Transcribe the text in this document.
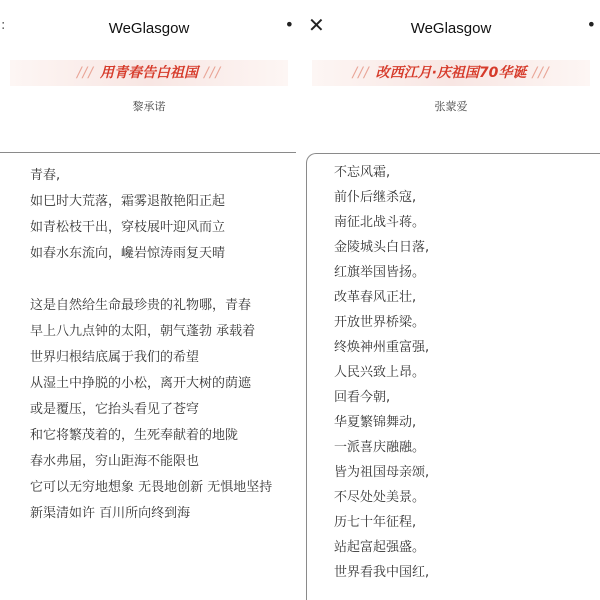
:	WeGlasgow	•
/// 用青春告白祖国 ///
黎承诺
青春,
如巳时大荒落，霜雾退散艳阳正起
如青松枝干出，穿枝展叶迎风而立
如春水东流向，巉岩惊涛雨复天晴
这是自然给生命最珍贵的礼物哪，青春
早上八九点钟的太阳，朝气蓬勃 承载着
世界归根结底属于我们的希望
从湿土中挣脱的小松，离开大树的荫遮
或是覆压，它抬头看见了苍穹
和它将繁茂着的，生死奉献着的地陇
春水弗届，穷山距海不能限也
它可以无穷地想象 无畏地创新 无惧地坚持
新渠清如许 百川所向终到海
✕	WeGlasgow	•
/// 改西江月·庆祖国70华诞 ///
张蒙爱
不忘风霜,
前仆后继杀寇,
南征北战斗蒋。
金陵城头白日落,
红旗举国皆扬。
改革春风正壮,
开放世界桥梁。
终焕神州重富强,
人民兴致上昂。
回看今朝,
华夏繁锦舞动,
一派喜庆融融。
皆为祖国母亲颂,
不尽处处美景。
历七十年征程,
站起富起强盛。
世界看我中国红,
